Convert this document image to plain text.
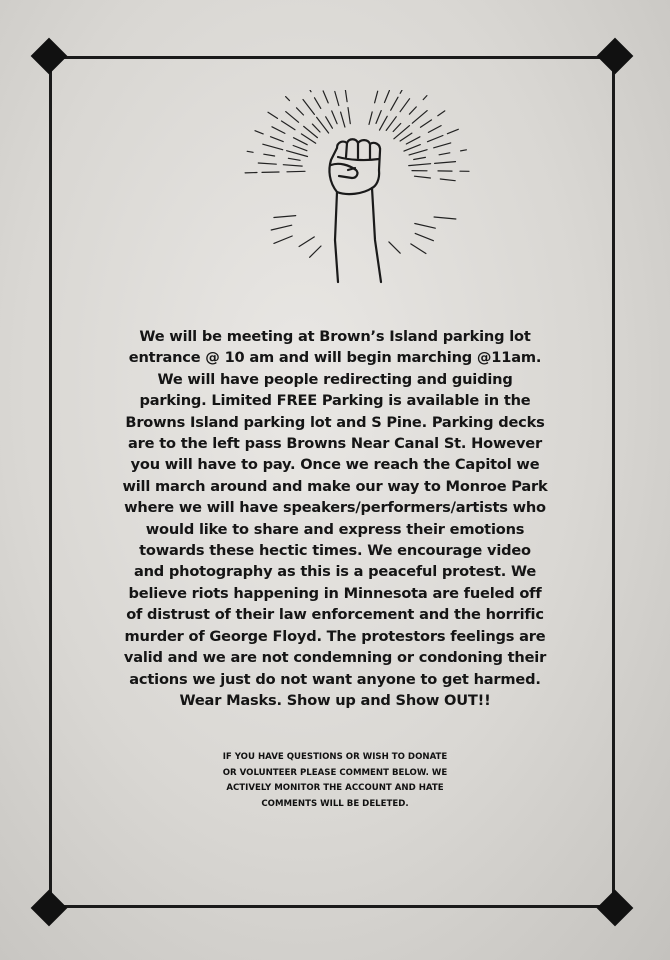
We will be meeting at Brown’s Island parking lot entrance @ 10 am and will begin marching @11am. We will have people redirecting and guiding parking. Limited FREE Parking is available in the Browns Island parking lot and S Pine. Parking decks are to the left pass Browns Near Canal St. However you will have to pay. Once we reach the Capitol we will march around and make our way to Monroe Park where we will have speakers/performers/artists who would like to share and express their emotions towards these hectic times. We encourage video and photography as this is a peaceful protest. We believe riots happening in Minnesota are fueled off of distrust of their law enforcement and the horrific murder of George Floyd. The protestors feelings are valid and we are not condemning or condoning their actions we just do not want anyone to get harmed. Wear Masks. Show up and Show OUT!!

IF YOU HAVE QUESTIONS OR WISH TO DONATE OR VOLUNTEER PLEASE COMMENT BELOW. WE ACTIVELY MONITOR THE ACCOUNT AND HATE COMMENTS WILL BE DELETED.
